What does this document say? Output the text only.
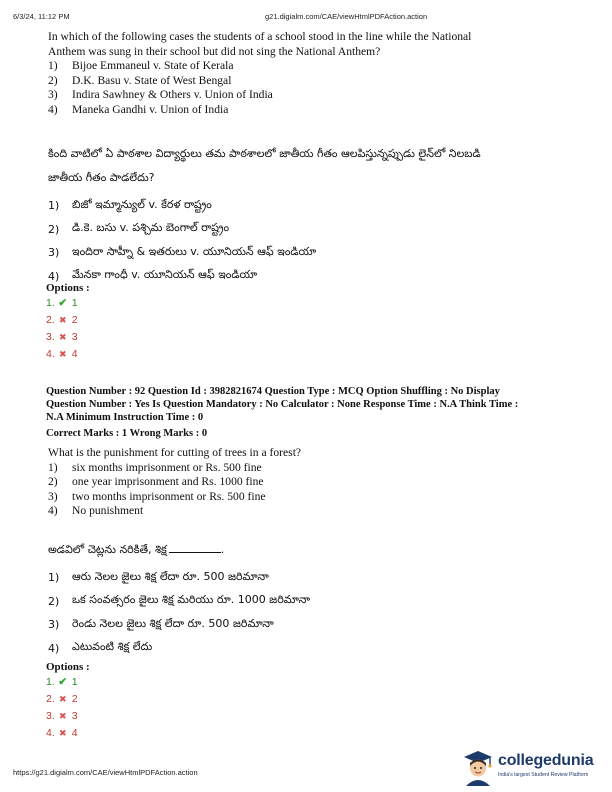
6/3/24, 11:12 PM	g21.digialm.com/CAE/viewHtmlPDFAction.action
In which of the following cases the students of a school stood in the line while the National
Anthem was sung in their school but did not sing the National Anthem?
1)	Bijoe Emmaneul v. State of Kerala
2)	D.K. Basu v. State of West Bengal
3)	Indira Sawhney & Others v. Union of India
4)	Maneka Gandhi v. Union of India
కింది వాటిలో ఏ పాఠశాల విద్యార్థులు తమ పాఠశాలలో జాతీయ గీతం ఆలపిస్తున్నప్పుడు లైన్‌లో నిలబడి
జాతీయ గీతం పాడలేదు?
1)	బిజో ఇమ్మాన్యుల్ v. కేరళ రాష్ట్రం
2)	డి.కె. బసు v. పశ్చిమ బెంగాల్ రాష్ట్రం
3)	ఇందిరా సాహ్నీ & ఇతరులు v. యూనియన్ ఆఫ్ ఇండియా
4)	మేనకా గాంధీ v. యూనియన్ ఆఫ్ ఇండియా
Options :
1. ✔ 1
2. ✖ 2
3. ✖ 3
4. ✖ 4
Question Number : 92 Question Id : 3982821674 Question Type : MCQ Option Shuffling : No Display
Question Number : Yes Is Question Mandatory : No Calculator : None Response Time : N.A Think Time :
N.A Minimum Instruction Time : 0
Correct Marks : 1 Wrong Marks : 0
What is the punishment for cutting of trees in a forest?
1)	six months imprisonment or Rs. 500 fine
2)	one year imprisonment and Rs. 1000 fine
3)	two months imprisonment or Rs. 500 fine
4)	No punishment
అడవిలో చెట్లను నరికితే, శిక్ష	.
1)	ఆరు నెలల జైలు శిక్ష లేదా రూ. 500 జరిమానా
2)	ఒక సంవత్సరం జైలు శిక్ష మరియు రూ. 1000 జరిమానా
3)	రెండు నెలల జైలు శిక్ష లేదా రూ. 500 జరిమానా
4)	ఎటువంటి శిక్ష లేదు
Options :
1. ✔ 1
2. ✖ 2
3. ✖ 3
4. ✖ 4
https://g21.digialm.com/CAE/viewHtmlPDFAction.action
collegedunia
India's largest Student Review Platform
